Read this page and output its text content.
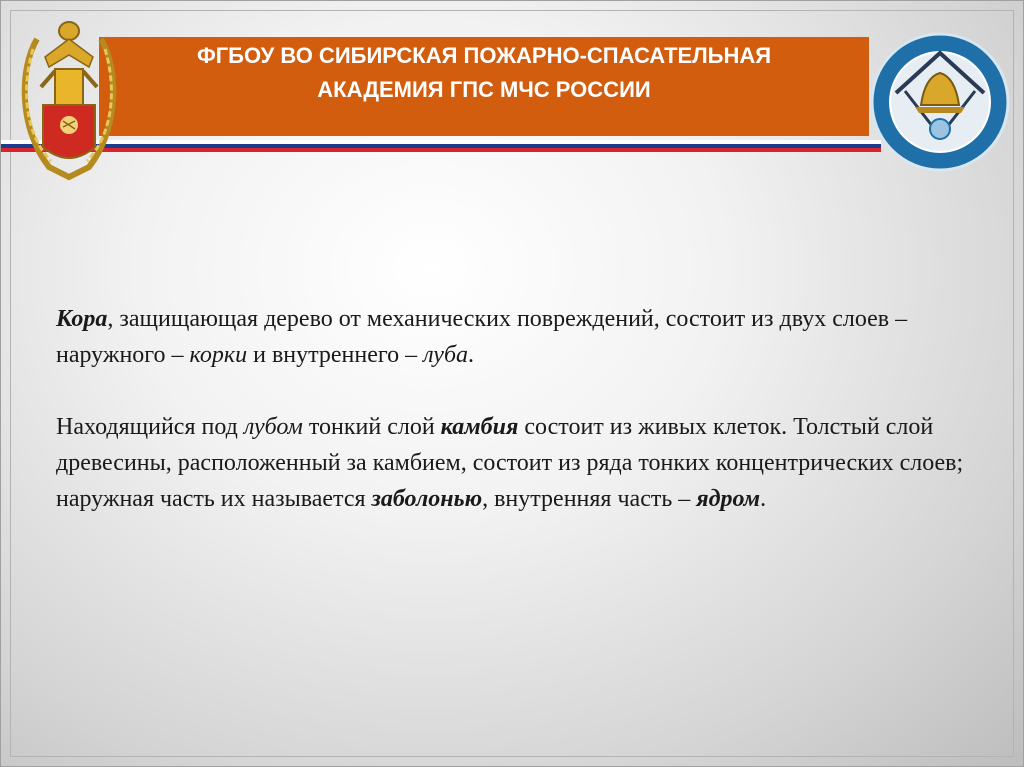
ФГБОУ ВО СИБИРСКАЯ ПОЖАРНО-СПАСАТЕЛЬНАЯ
АКАДЕМИЯ ГПС МЧС РОССИИ

Кора, защищающая дерево от механических повреждений, состоит из двух слоев – наружного – корки и внутреннего – луба.

Находящийся под лубом тонкий слой камбия состоит из живых клеток. Толстый слой древесины, расположенный за камбием, состоит из ряда тонких концентрических слоев; наружная часть их называется заболонью, внутренняя часть – ядром.
